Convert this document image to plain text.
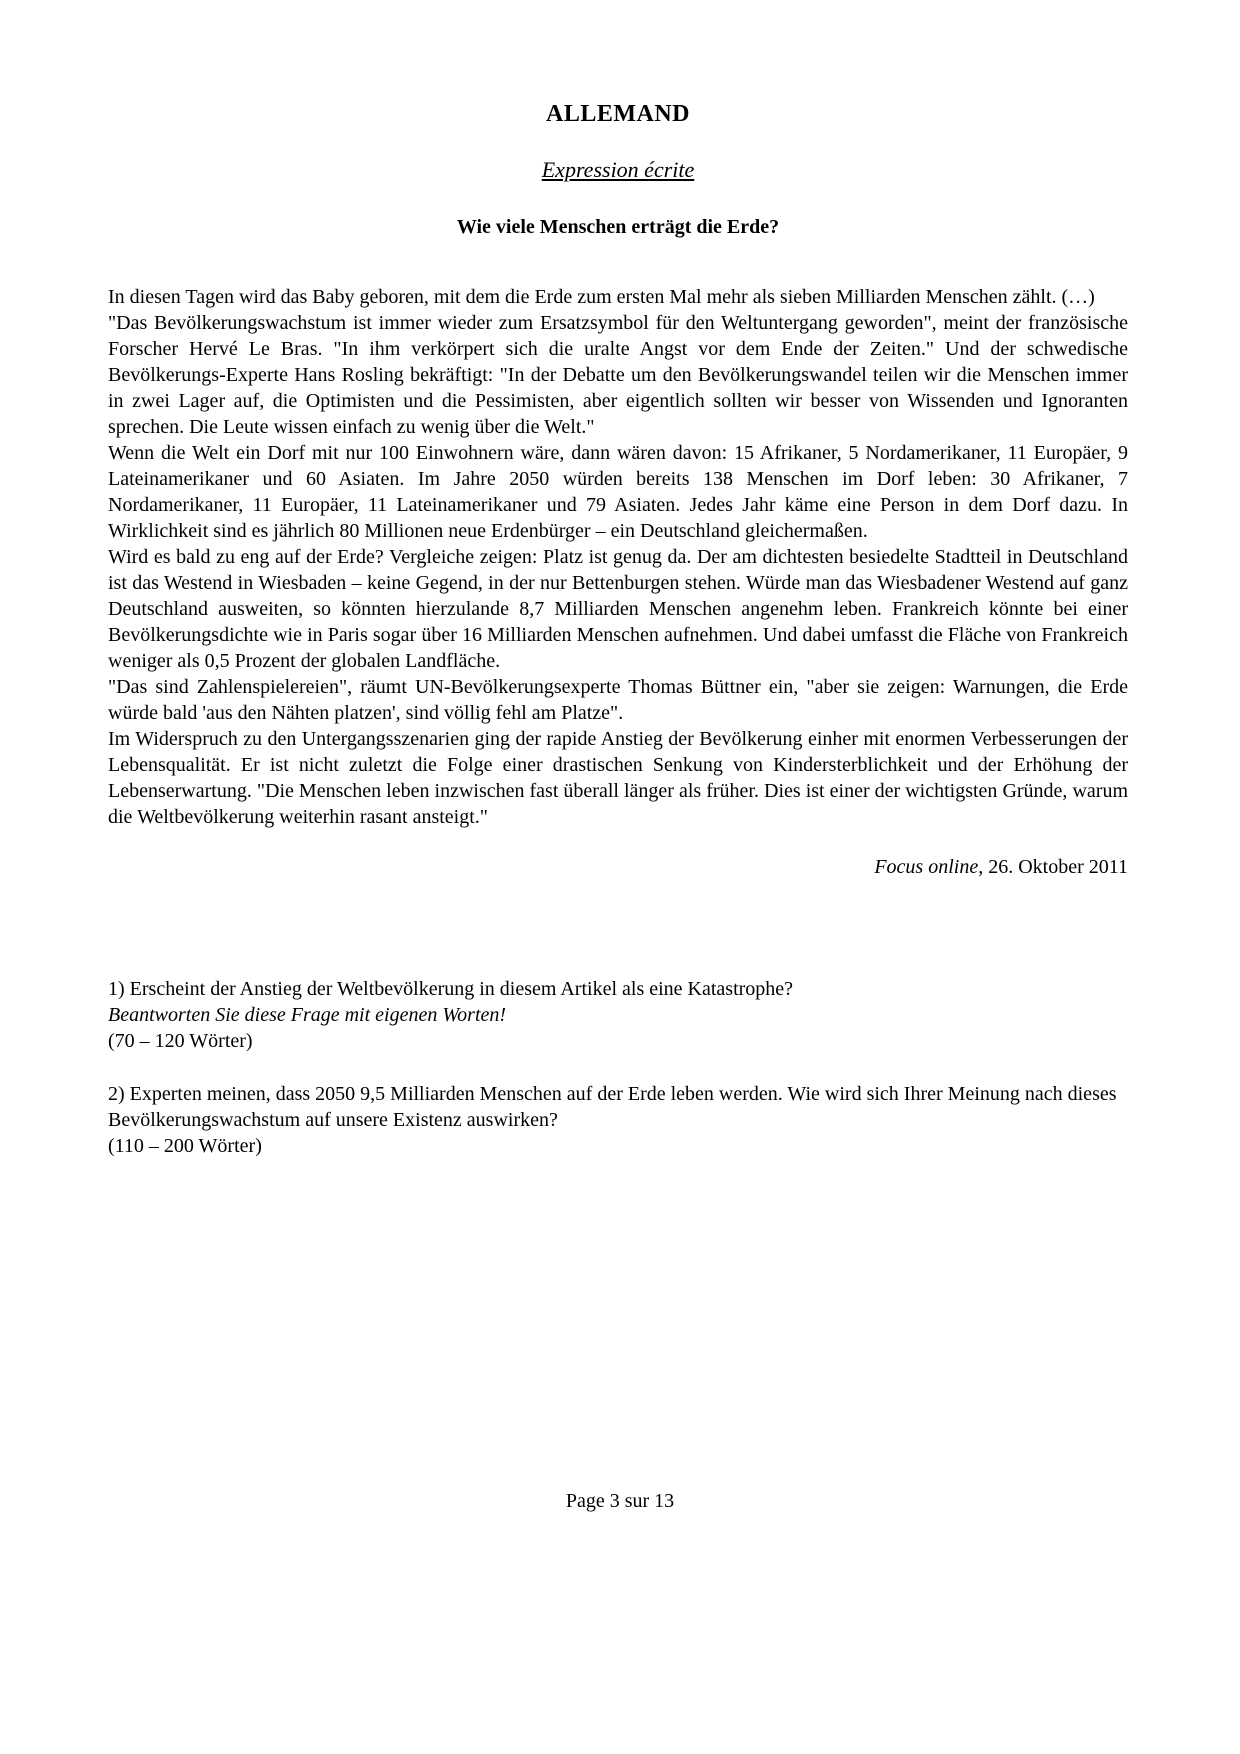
ALLEMAND
Expression écrite
Wie viele Menschen erträgt die Erde?

In diesen Tagen wird das Baby geboren, mit dem die Erde zum ersten Mal mehr als sieben Milliarden Menschen zählt. (…)

"Das Bevölkerungswachstum ist immer wieder zum Ersatzsymbol für den Weltuntergang geworden", meint der französische Forscher Hervé Le Bras. "In ihm verkörpert sich die uralte Angst vor dem Ende der Zeiten." Und der schwedische Bevölkerungs-Experte Hans Rosling bekräftigt: "In der Debatte um den Bevölkerungswandel teilen wir die Menschen immer in zwei Lager auf, die Optimisten und die Pessimisten, aber eigentlich sollten wir besser von Wissenden und Ignoranten sprechen. Die Leute wissen einfach zu wenig über die Welt."

Wenn die Welt ein Dorf mit nur 100 Einwohnern wäre, dann wären davon: 15 Afrikaner, 5 Nordamerikaner, 11 Europäer, 9 Lateinamerikaner und 60 Asiaten. Im Jahre 2050 würden bereits 138 Menschen im Dorf leben: 30 Afrikaner, 7 Nordamerikaner, 11 Europäer, 11 Lateinamerikaner und 79 Asiaten. Jedes Jahr käme eine Person in dem Dorf dazu. In Wirklichkeit sind es jährlich 80 Millionen neue Erdenbürger – ein Deutschland gleichermaßen.

Wird es bald zu eng auf der Erde? Vergleiche zeigen: Platz ist genug da. Der am dichtesten besiedelte Stadtteil in Deutschland ist das Westend in Wiesbaden – keine Gegend, in der nur Bettenburgen stehen. Würde man das Wiesbadener Westend auf ganz Deutschland ausweiten, so könnten hierzulande 8,7 Milliarden Menschen angenehm leben. Frankreich könnte bei einer Bevölkerungsdichte wie in Paris sogar über 16 Milliarden Menschen aufnehmen. Und dabei umfasst die Fläche von Frankreich weniger als 0,5 Prozent der globalen Landfläche.

"Das sind Zahlenspielereien", räumt UN-Bevölkerungsexperte Thomas Büttner ein, "aber sie zeigen: Warnungen, die Erde würde bald 'aus den Nähten platzen', sind völlig fehl am Platze".

Im Widerspruch zu den Untergangsszenarien ging der rapide Anstieg der Bevölkerung einher mit enormen Verbesserungen der Lebensqualität. Er ist nicht zuletzt die Folge einer drastischen Senkung von Kindersterblichkeit und der Erhöhung der Lebenserwartung. "Die Menschen leben inzwischen fast überall länger als früher. Dies ist einer der wichtigsten Gründe, warum die Weltbevölkerung weiterhin rasant ansteigt."

Focus online, 26. Oktober 2011

1) Erscheint der Anstieg der Weltbevölkerung in diesem Artikel als eine Katastrophe?

Beantworten Sie diese Frage mit eigenen Worten!

(70 – 120 Wörter)

2) Experten meinen, dass 2050 9,5 Milliarden Menschen auf der Erde leben werden. Wie wird sich Ihrer Meinung nach dieses Bevölkerungswachstum auf unsere Existenz auswirken?

(110 – 200 Wörter)

Page 3 sur 13
